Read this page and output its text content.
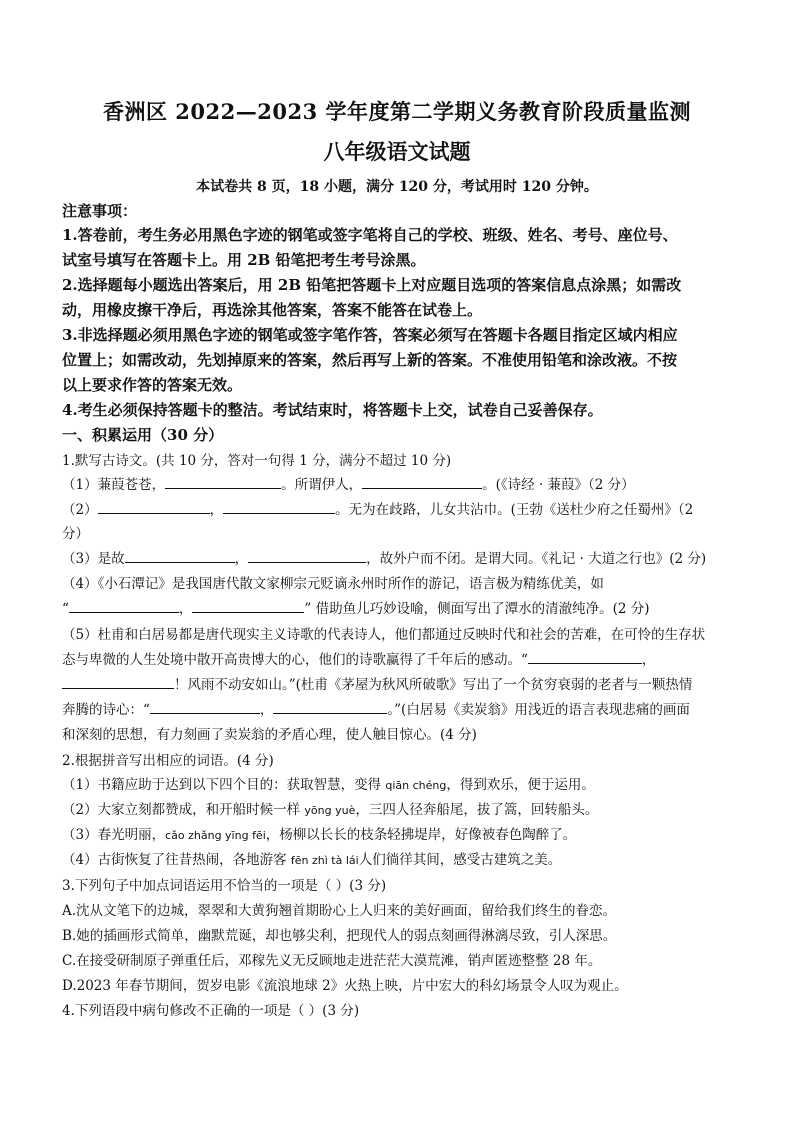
香洲区 2022—2023 学年度第二学期义务教育阶段质量监测
八年级语文试题
本试卷共 8 页，18 小题，满分 120 分，考试用时 120 分钟。
注意事项：
1.答卷前，考生务必用黑色字迹的钢笔或签字笔将自己的学校、班级、姓名、考号、座位号、
试室号填写在答题卡上。用 2B 铅笔把考生考号涂黑。
2.选择题每小题选出答案后，用 2B 铅笔把答题卡上对应题目选项的答案信息点涂黑；如需改
动，用橡皮擦干净后，再选涂其他答案，答案不能答在试卷上。
3.非选择题必须用黑色字迹的钢笔或签字笔作答，答案必须写在答题卡各题目指定区域内相应
位置上；如需改动，先划掉原来的答案，然后再写上新的答案。不准使用铅笔和涂改液。不按
以上要求作答的答案无效。
4.考生必须保持答题卡的整洁。考试结束时，将答题卡上交，试卷自己妥善保存。
一、积累运用（30 分）
1.默写古诗文。(共 10 分，答对一句得 1 分，满分不超过 10 分)
（1）蒹葭苍苍，	。所谓伊人，	。(《诗经 · 蒹葭》（2 分）
（2）	，	。无为在歧路，儿女共沾巾。(王勃《送杜少府之任蜀州》（2
分）
（3）是故	，	，故外户而不闭。是谓大同。《礼记 · 大道之行也》(2 分)
（4）《小石潭记》是我国唐代散文家柳宗元贬谪永州时所作的游记，语言极为精练优美，如
“	，	” 借助鱼儿巧妙设喻，侧面写出了潭水的清澈纯净。(2 分)
（5）杜甫和白居易都是唐代现实主义诗歌的代表诗人，他们都通过反映时代和社会的苦难，在可怜的生存状
态与卑微的人生处境中散开高贵博大的心，他们的诗歌赢得了千年后的感动。“	，
！风雨不动安如山。”(杜甫《茅屋为秋风所破歌》写出了一个贫穷衰弱的老者与一颗热情
奔腾的诗心：“	，	。”(白居易《卖炭翁》用浅近的语言表现悲痛的画面
和深刻的思想，有力刻画了卖炭翁的矛盾心理，使人触目惊心。(4 分)
2.根据拼音写出相应的词语。(4 分)
（1）书籍应助于达到以下四个目的：获取智慧，变得 qiān chéng，得到欢乐，便于运用。
（2）大家立刻都赞成，和开船时候一样 yōng yuè，三四人径奔船尾，拔了篙，回转船头。
（3）春光明丽，cǎo zhǎng yīng fēi，杨柳以长长的枝条轻拂堤岸，好像被春色陶醉了。
（4）古街恢复了往昔热闹，各地游客 fēn zhì tà lái人们徜徉其间，感受古建筑之美。
3.下列句子中加点词语运用不恰当的一项是（ ）(3 分)
A.沈从文笔下的边城，翠翠和大黄狗翘首期盼心上人归来的美好画面，留给我们终生的眷恋。
B.她的插画形式简单，幽默荒诞，却也够尖利，把现代人的弱点刻画得淋漓尽致，引人深思。
C.在接受研制原子弹重任后，邓稼先义无反顾地走进茫茫大漠荒滩，销声匿迹整整 28 年。
D.2023 年春节期间，贺岁电影《流浪地球 2》火热上映，片中宏大的科幻场景令人叹为观止。
4.下列语段中病句修改不正确的一项是（ ）(3 分)
